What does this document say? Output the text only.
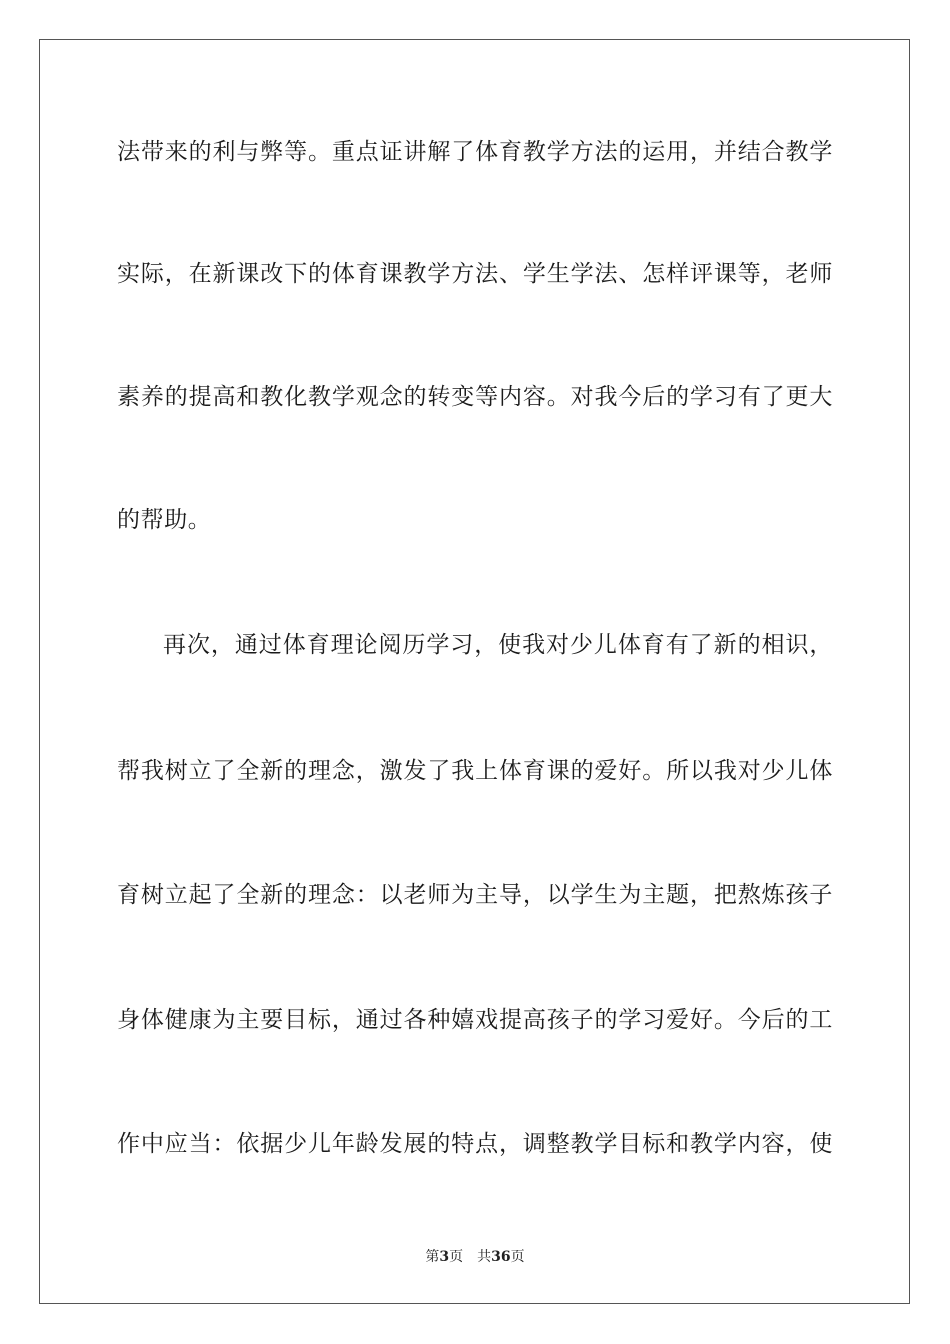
法带来的利与弊等。重点证讲解了体育教学方法的运用，并结合教学
实际，在新课改下的体育课教学方法、学生学法、怎样评课等，老师
素养的提高和教化教学观念的转变等内容。对我今后的学习有了更大
的帮助。
再次，通过体育理论阅历学习，使我对少儿体育有了新的相识，
帮我树立了全新的理念，激发了我上体育课的爱好。所以我对少儿体
育树立起了全新的理念：以老师为主导，以学生为主题，把熬炼孩子
身体健康为主要目标，通过各种嬉戏提高孩子的学习爱好。今后的工
作中应当：依据少儿年龄发展的特点，调整教学目标和教学内容，使
第3页 共36页
